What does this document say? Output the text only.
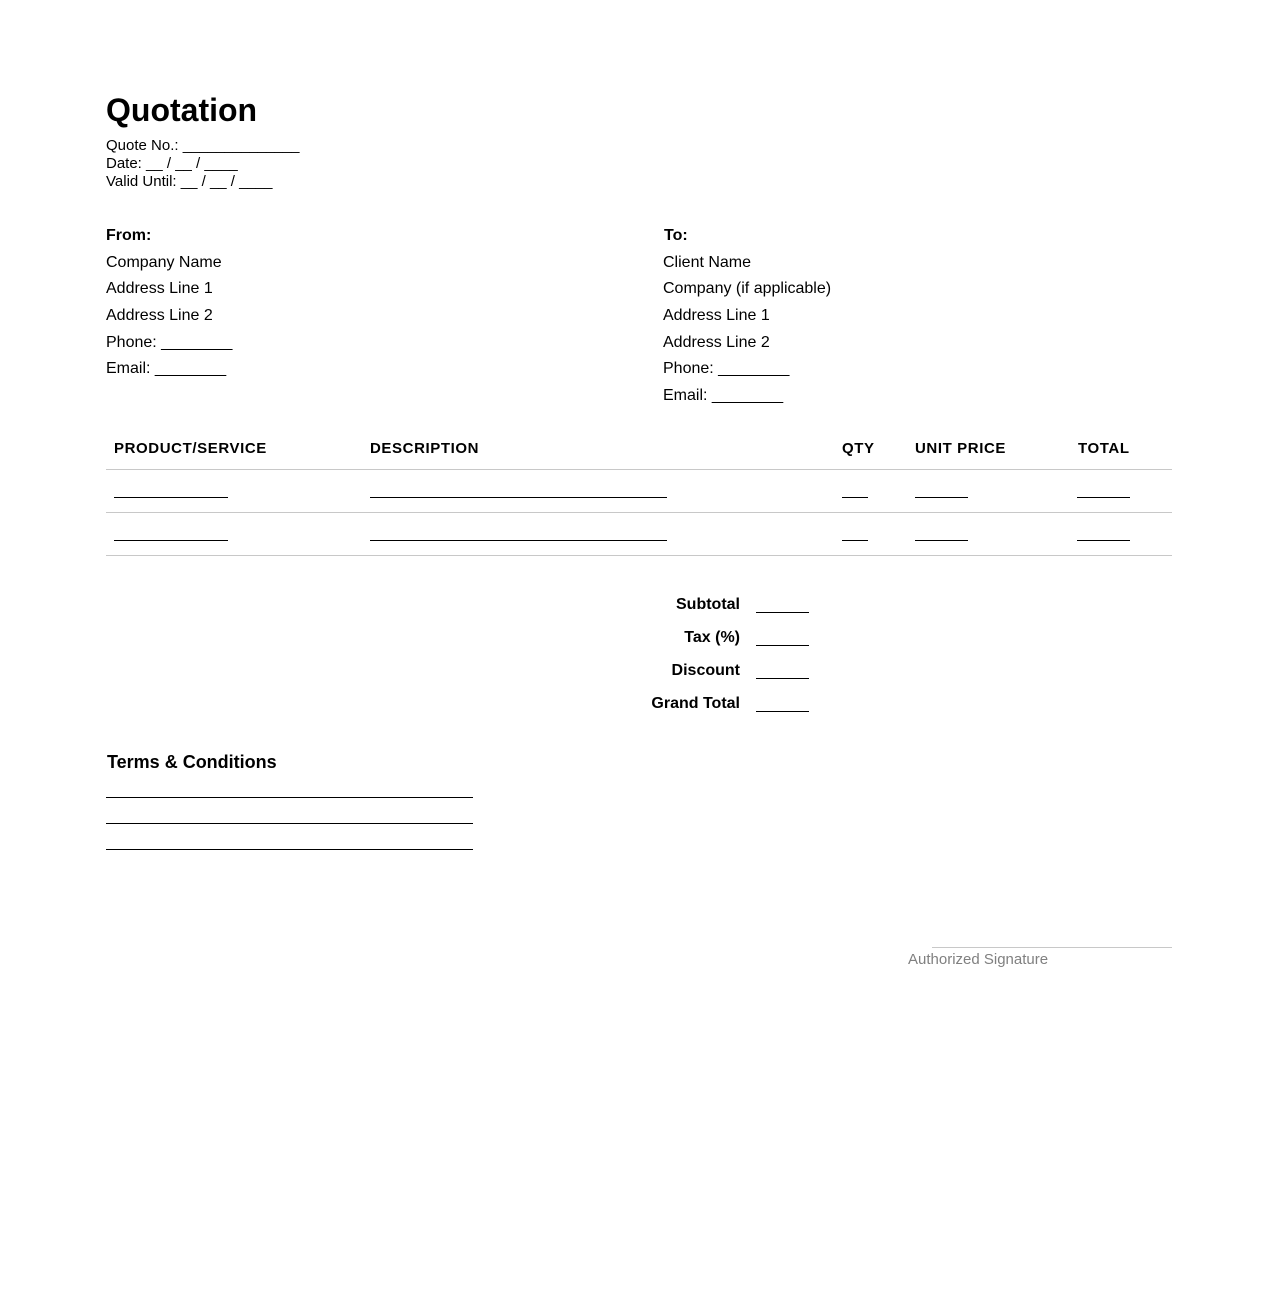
Quotation
Quote No.: ______________
Date: __ / __ / ____
Valid Until: __ / __ / ____
From:
Company Name
Address Line 1
Address Line 2
Phone: ________
Email: ________
To:
Client Name
Company (if applicable)
Address Line 1
Address Line 2
Phone: ________
Email: ________
PRODUCT/SERVICE	DESCRIPTION	QTY	UNIT PRICE	TOTAL
Subtotal
Tax (%)
Discount
Grand Total
Terms & Conditions
Authorized Signature
